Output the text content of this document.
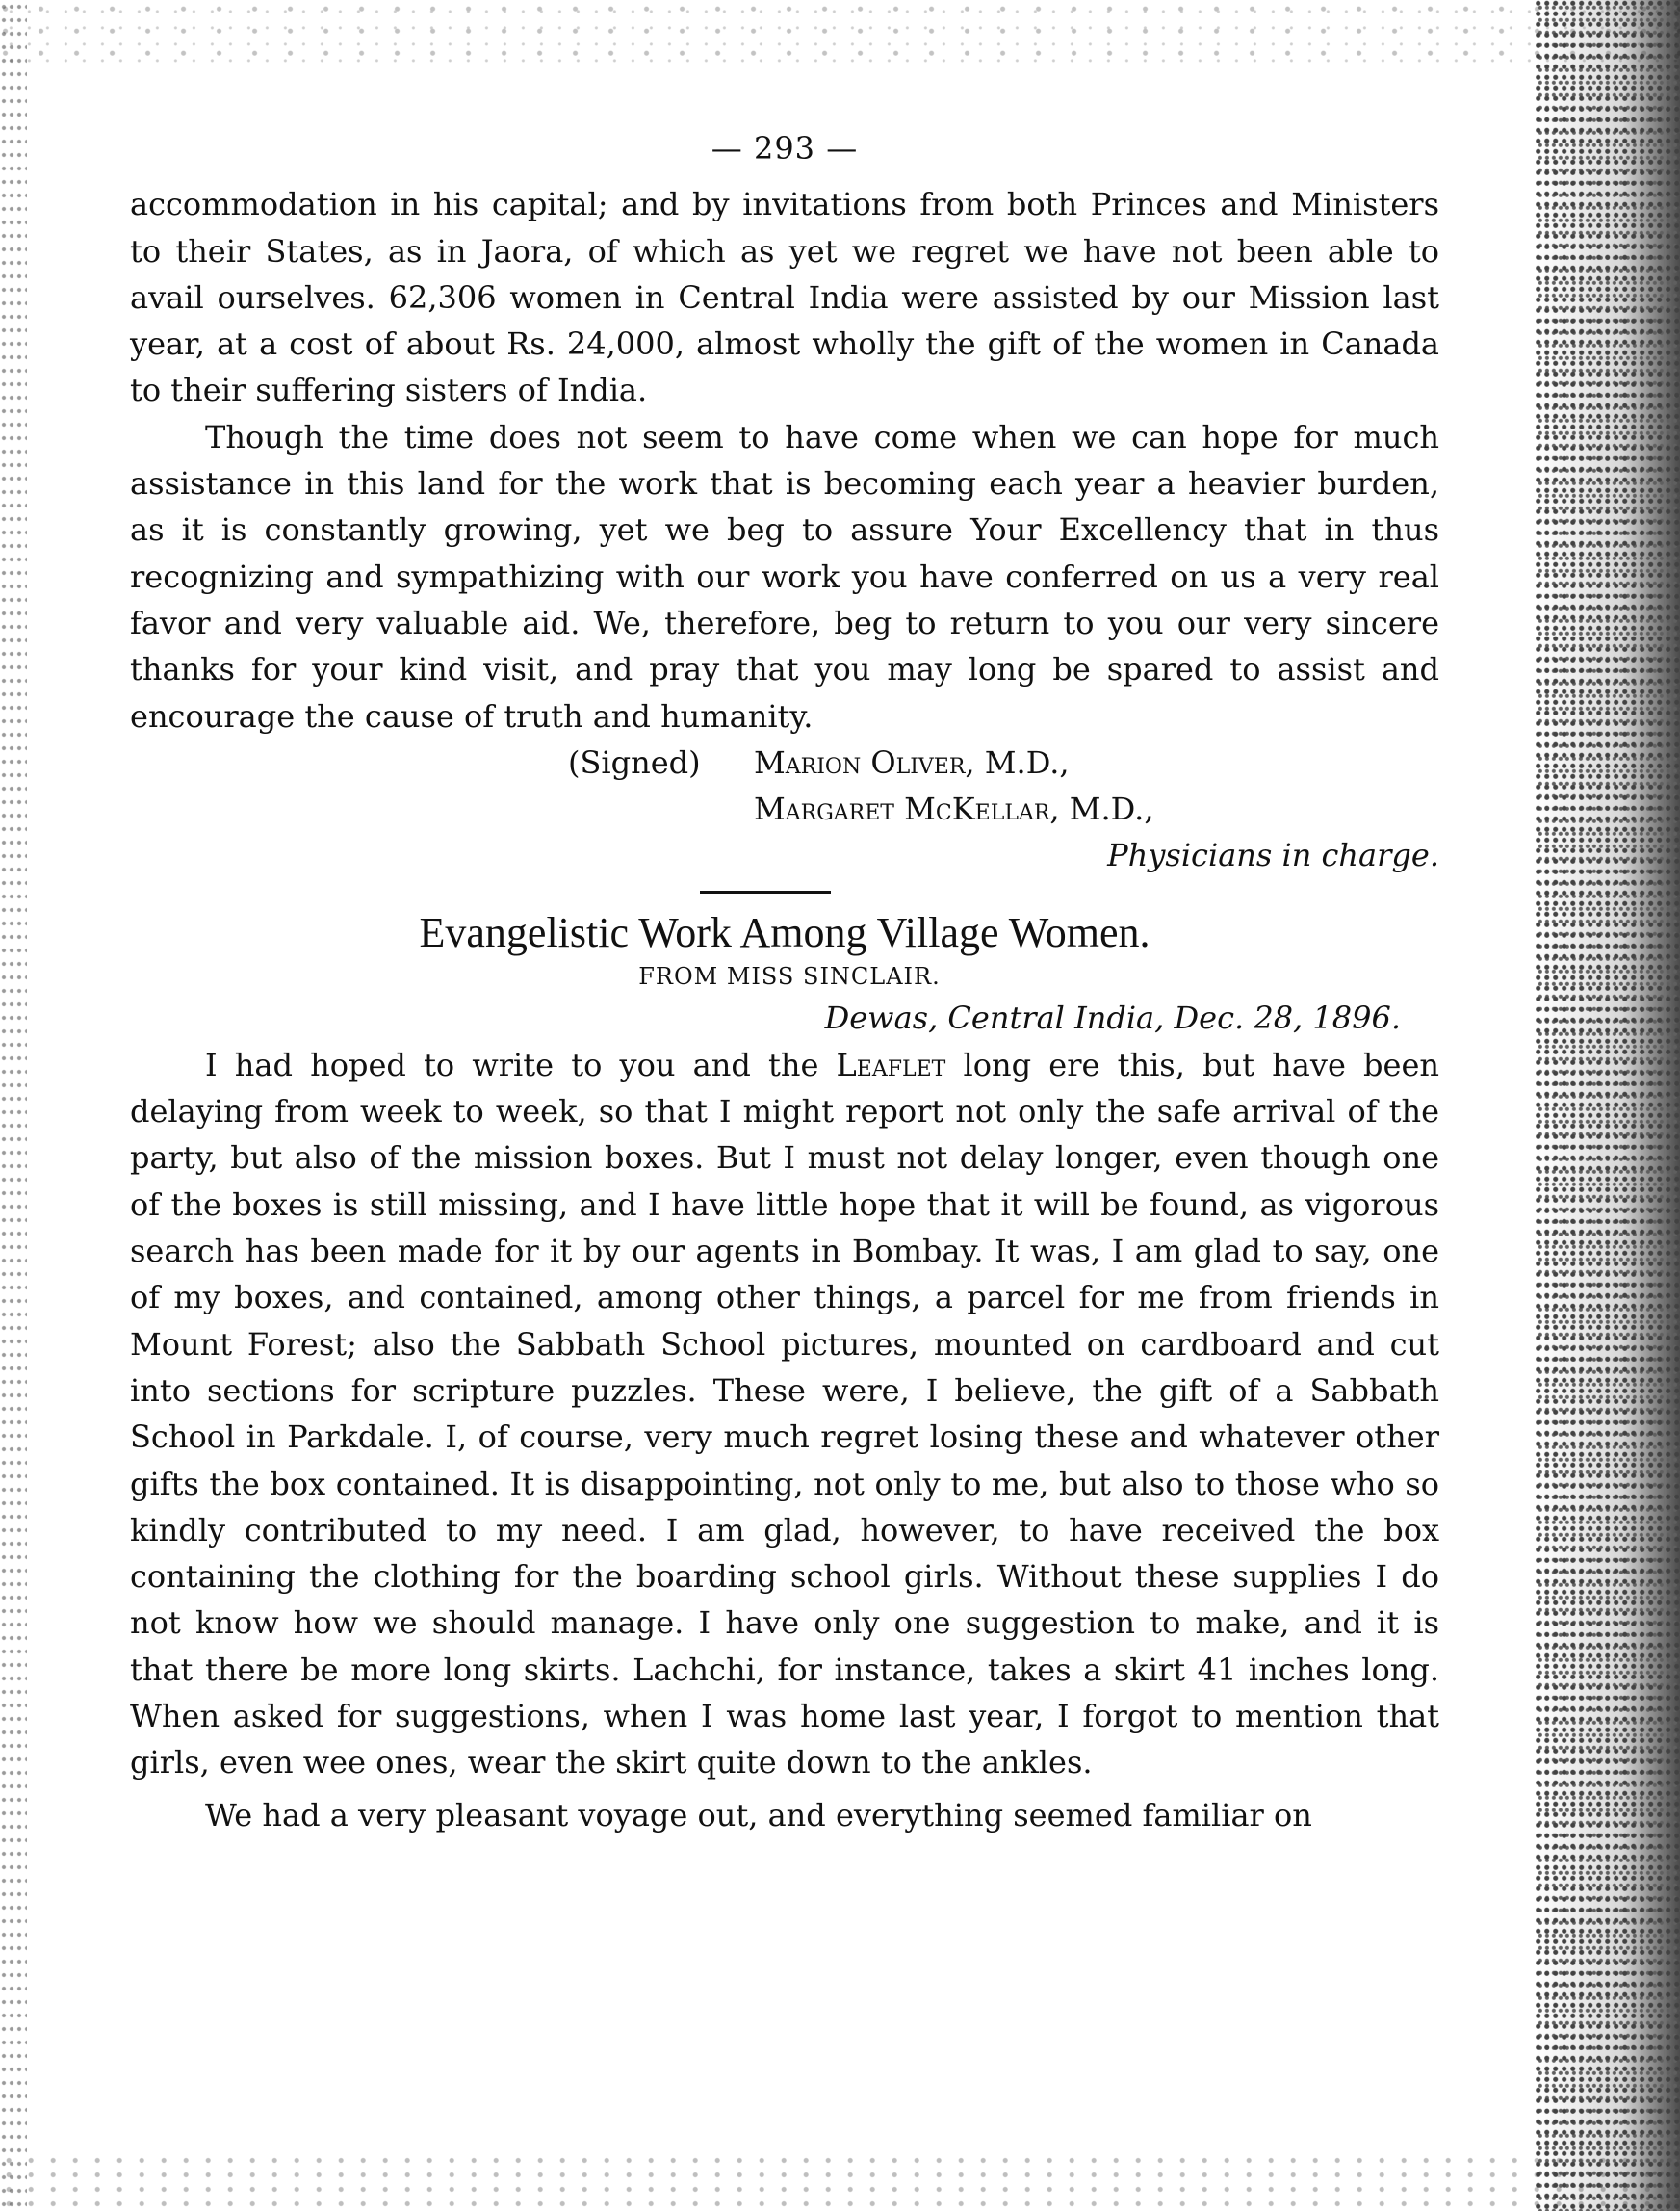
— 293 —

accommodation in his capital; and by invitations from both Princes and Ministers to their States, as in Jaora, of which as yet we regret we have not been able to avail ourselves. 62,306 women in Central India were assisted by our Mission last year, at a cost of about Rs. 24,000, almost wholly the gift of the women in Canada to their suffering sisters of India.

Though the time does not seem to have come when we can hope for much assistance in this land for the work that is becoming each year a heavier burden, as it is constantly growing, yet we beg to assure Your Excellency that in thus recognizing and sympathizing with our work you have conferred on us a very real favor and very valuable aid. We, therefore, beg to return to you our very sincere thanks for your kind visit, and pray that you may long be spared to assist and encourage the cause of truth and humanity.

(Signed) Marion Oliver, M.D.,
Margaret McKellar, M.D.,
Physicians in charge.
Evangelistic Work Among Village Women.
FROM MISS SINCLAIR.
Dewas, Central India, Dec. 28, 1896.

I had hoped to write to you and the Leaflet long ere this, but have been delaying from week to week, so that I might report not only the safe arrival of the party, but also of the mission boxes. But I must not delay longer, even though one of the boxes is still missing, and I have little hope that it will be found, as vigorous search has been made for it by our agents in Bombay. It was, I am glad to say, one of my boxes, and contained, among other things, a parcel for me from friends in Mount Forest; also the Sabbath School pictures, mounted on cardboard and cut into sections for scripture puzzles. These were, I believe, the gift of a Sabbath School in Parkdale. I, of course, very much regret losing these and whatever other gifts the box contained. It is disappointing, not only to me, but also to those who so kindly contributed to my need. I am glad, however, to have received the box containing the clothing for the boarding school girls. Without these supplies I do not know how we should manage. I have only one suggestion to make, and it is that there be more long skirts. Lachchi, for instance, takes a skirt 41 inches long. When asked for suggestions, when I was home last year, I forgot to mention that girls, even wee ones, wear the skirt quite down to the ankles.

We had a very pleasant voyage out, and everything seemed familiar on
